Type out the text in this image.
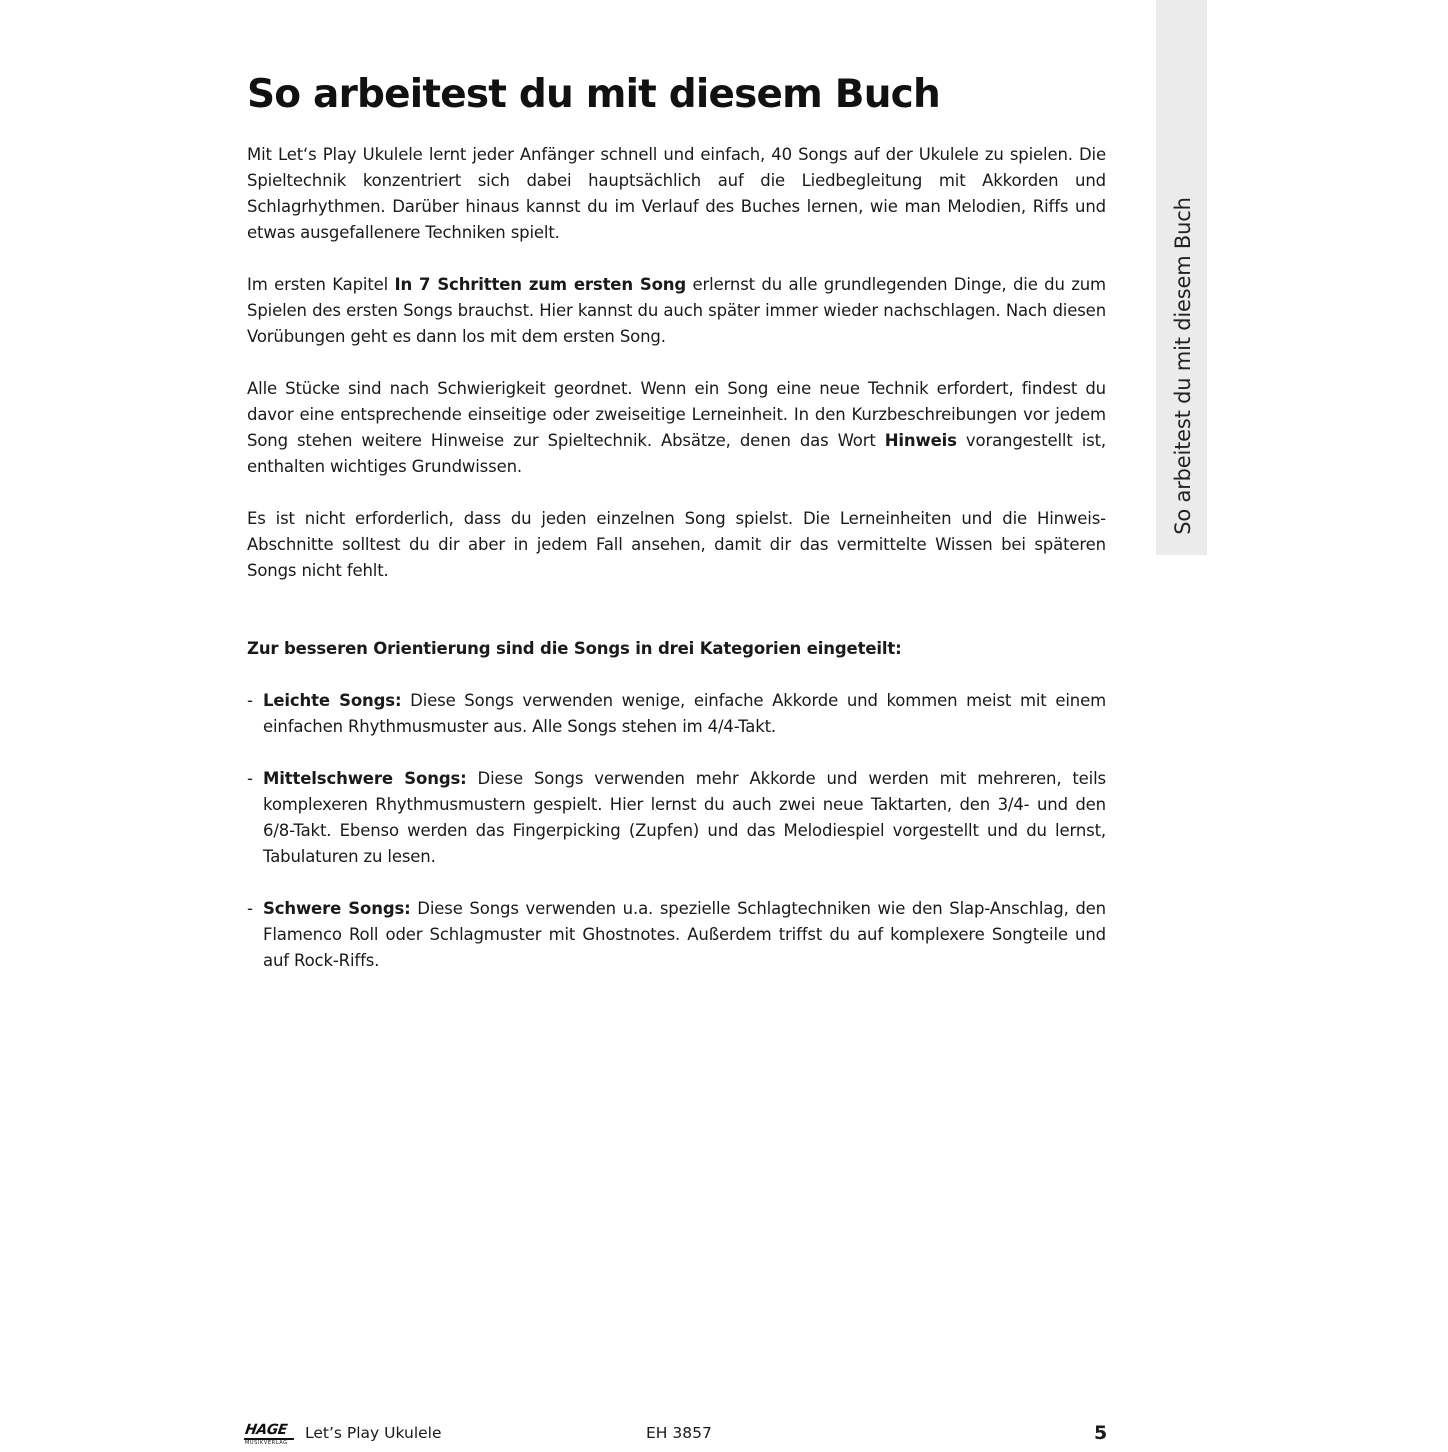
So arbeitest du mit diesem Buch
So arbeitest du mit diesem Buch

Mit Let‘s Play Ukulele lernt jeder Anfänger schnell und einfach, 40 Songs auf der Ukulele zu spielen. Die Spieltechnik konzentriert sich dabei hauptsächlich auf die Liedbegleitung mit Akkorden und Schlagrhythmen. Darüber hinaus kannst du im Verlauf des Buches lernen, wie man Melodien, Riffs und etwas ausgefallenere Techniken spielt.

Im ersten Kapitel In 7 Schritten zum ersten Song erlernst du alle grundlegenden Dinge, die du zum Spielen des ersten Songs brauchst. Hier kannst du auch später immer wieder nachschlagen. Nach diesen Vorübungen geht es dann los mit dem ersten Song.

Alle Stücke sind nach Schwierigkeit geordnet. Wenn ein Song eine neue Technik erfordert, findest du davor eine entsprechende einseitige oder zweiseitige Lerneinheit. In den Kurzbeschreibungen vor jedem Song stehen weitere Hinweise zur Spieltechnik. Absätze, denen das Wort Hinweis vorangestellt ist, enthalten wichtiges Grundwissen.

Es ist nicht erforderlich, dass du jeden einzelnen Song spielst. Die Lerneinheiten und die Hinweis-Abschnitte solltest du dir aber in jedem Fall ansehen, damit dir das vermittelte Wissen bei späteren Songs nicht fehlt.

Zur besseren Orientierung sind die Songs in drei Kategorien eingeteilt:

- Leichte Songs: Diese Songs verwenden wenige, einfache Akkorde und kommen meist mit einem einfachen Rhythmusmuster aus. Alle Songs stehen im 4/4-Takt.

- Mittelschwere Songs: Diese Songs verwenden mehr Akkorde und werden mit mehreren, teils komplexeren Rhythmusmustern gespielt. Hier lernst du auch zwei neue Taktarten, den 3/4- und den 6/8-Takt. Ebenso werden das Fingerpicking (Zupfen) und das Melodiespiel vorgestellt und du lernst, Tabulaturen zu lesen.

- Schwere Songs: Diese Songs verwenden u.a. spezielle Schlagtechniken wie den Slap-Anschlag, den Flamenco Roll oder Schlagmuster mit Ghostnotes. Außerdem triffst du auf komplexere Songteile und auf Rock-Riffs.

HAGE
MUSIKVERLAG
Let’s Play Ukulele	EH 3857	5
